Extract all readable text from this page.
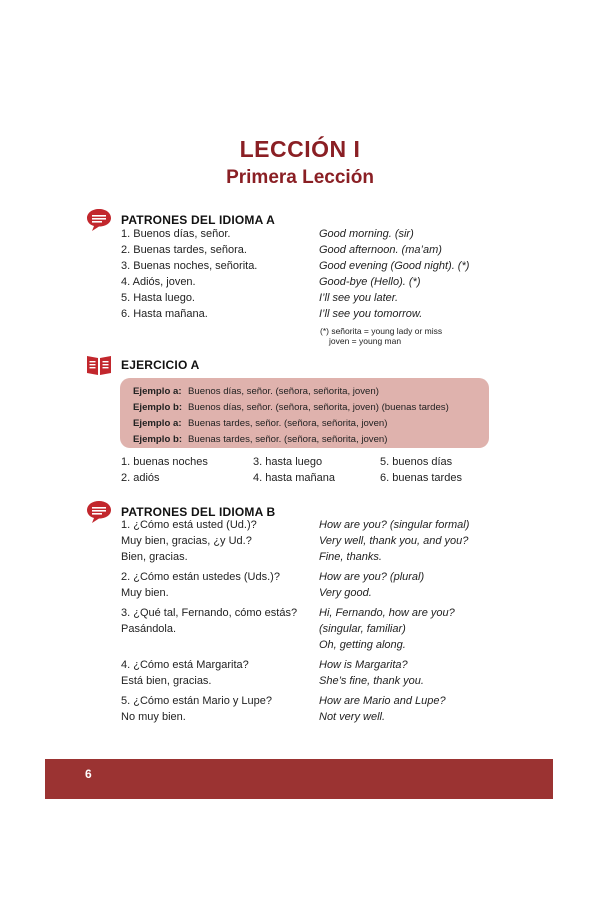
LECCIÓN I
Primera Lección
PATRONES DEL IDIOMA A
1. Buenos días, señor.	Good morning. (sir)
2. Buenas tardes, señora.	Good afternoon. (ma’am)
3. Buenas noches, señorita.	Good evening (Good night). (*)
4. Adiós, joven.	Good-bye (Hello). (*)
5. Hasta luego.	I’ll see you later.
6. Hasta mañana.	I’ll see you tomorrow.
(*) señorita = young lady or miss
joven = young man
EJERCICIO A
Ejemplo a: Buenos días, señor. (señora, señorita, joven)
Ejemplo b: Buenos días, señor. (señora, señorita, joven) (buenas tardes)
Ejemplo a: Buenas tardes, señor. (señora, señorita, joven)
Ejemplo b: Buenas tardes, señor. (señora, señorita, joven)
1. buenas noches	3. hasta luego	5. buenos días
2. adiós	4. hasta mañana	6. buenas tardes
PATRONES DEL IDIOMA B
1. ¿Cómo está usted (Ud.)?	How are you? (singular formal)
Muy bien, gracias, ¿y Ud.?	Very well, thank you, and you?
Bien, gracias.	Fine, thanks.
2. ¿Cómo están ustedes (Uds.)?	How are you? (plural)
Muy bien.	Very good.
3. ¿Qué tal, Fernando, cómo estás?	Hi, Fernando, how are you?
Pasándola.	(singular, familiar)
Oh, getting along.
4. ¿Cómo está Margarita?	How is Margarita?
Está bien, gracias.	She’s fine, thank you.
5. ¿Cómo están Mario y Lupe?	How are Mario and Lupe?
No muy bien.	Not very well.
6
